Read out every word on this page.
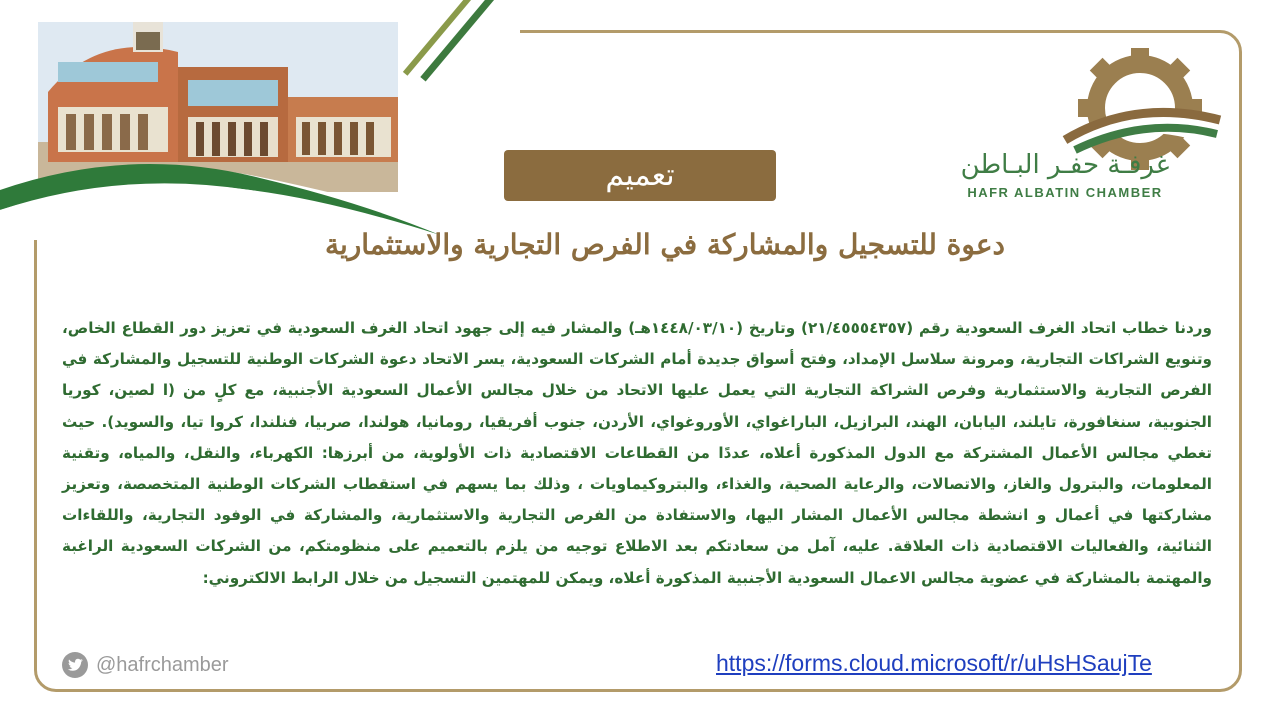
تعميم	غرفـة حفـر البـاطن
HAFR ALBATIN CHAMBER
دعوة للتسجيل والمشاركة في الفرص التجارية والاستثمارية
وردنا خطاب اتحاد الغرف السعودية رقم (٢١/٤٥٥٥٤٣٥٧) وتاريخ (١٤٤٨/٠٣/١٠هـ) والمشار فيه إلى جهود اتحاد الغرف السعودية في تعزيز دور القطاع الخاص، وتنويع الشراكات التجارية، ومرونة سلاسل الإمداد، وفتح أسواق جديدة أمام الشركات السعودية، يسر الاتحاد دعوة الشركات الوطنية للتسجيل والمشاركة في الفرص التجارية والاستثمارية وفرص الشراكة التجارية التي يعمل عليها الاتحاد من خلال مجالس الأعمال السعودية الأجنبية، مع كلٍ من (ا لصين، كوريا الجنوبية، سنغافورة، تايلند، اليابان، الهند، البرازيل، الباراغواي، الأوروغواي، الأردن، جنوب أفريقيا، رومانيا، هولندا، صربيا، فنلندا، كروا تيا، والسويد). حيث تغطي مجالس الأعمال المشتركة مع الدول المذكورة أعلاه، عددًا من القطاعات الاقتصادية ذات الأولوية، من أبرزها: الكهرباء، والنقل، والمياه، وتقنية المعلومات، والبترول والغاز، والاتصالات، والرعاية الصحية، والغذاء، والبتروكيماويات ، وذلك بما يسهم في استقطاب الشركات الوطنية المتخصصة، وتعزيز مشاركتها في أعمال و انشطة مجالس الأعمال المشار اليها، والاستفادة من الفرص التجارية والاستثمارية، والمشاركة في الوفود التجارية، واللقاءات الثنائية، والفعاليات الاقتصادية ذات العلاقة. عليه، آمل من سعادتكم بعد الاطلاع توجيه من يلزم بالتعميم على منظومتكم، من الشركات السعودية الراغبة والمهتمة بالمشاركة في عضوية مجالس الاعمال السعودية الأجنبية المذكورة أعلاه، ويمكن للمهتمين التسجيل من خلال الرابط الالكتروني:
@hafrchamber	https://forms.cloud.microsoft/r/uHsHSaujTe
